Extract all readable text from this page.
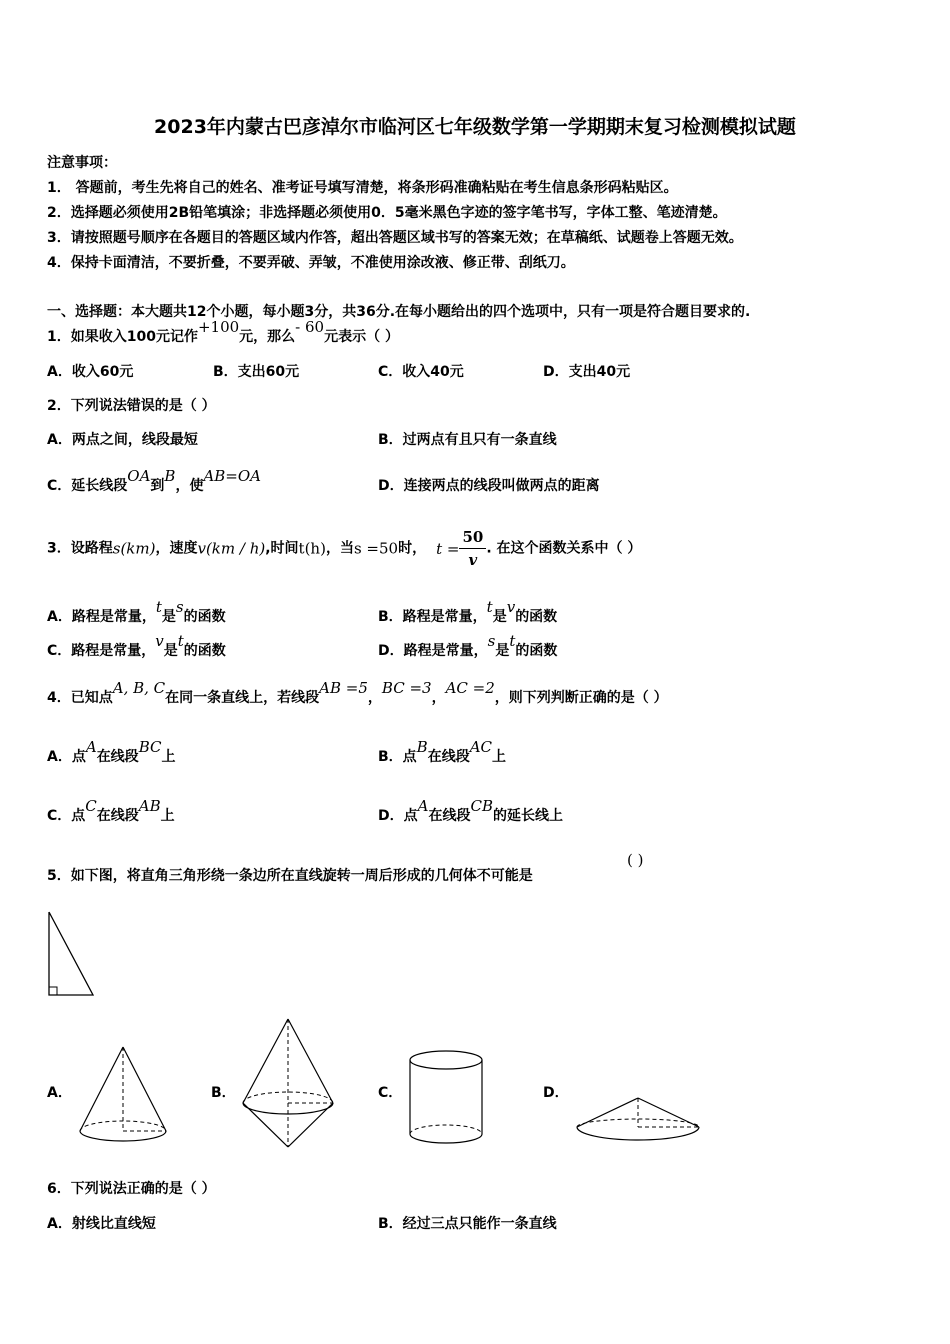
2023年内蒙古巴彦淖尔市临河区七年级数学第一学期期末复习检测模拟试题
注意事项：
1． 答题前，考生先将自己的姓名、准考证号填写清楚，将条形码准确粘贴在考生信息条形码粘贴区。
2．选择题必须使用2B铅笔填涂；非选择题必须使用0．5毫米黑色字迹的签字笔书写，字体工整、笔迹清楚。
3．请按照题号顺序在各题目的答题区域内作答，超出答题区域书写的答案无效；在草稿纸、试题卷上答题无效。
4．保持卡面清洁，不要折叠，不要弄破、弄皱，不准使用涂改液、修正带、刮纸刀。
一、选择题：本大题共12个小题，每小题3分，共36分.在每小题给出的四个选项中，只有一项是符合题目要求的.
1．如果收入100元记作+100元，那么- 60元表示（ ）
A．收入60元	B．支出60元	C．收入40元	D．支出40元
2．下列说法错误的是（ ）
A．两点之间，线段最短	B．过两点有且只有一条直线
C．延长线段OA到B，使AB=OA
D．连接两点的线段叫做两点的距离
3．设路程s(km)，速度v(km / h),时间t(h)，当s =50时， $t = \frac{50}{v}$ . 在这个函数关系中（ ）
A．路程是常量，t是s的函数	B．路程是常量，t是v的函数
C．路程是常量，v是t的函数	D．路程是常量，s是t的函数
4．已知点A, B, C在同一条直线上，若线段AB =5，BC =3，AC =2，则下列判断正确的是（ ）
A．点A在线段BC上	B．点B在线段AC上
C．点C在线段AB上	D．点A在线段CB的延长线上
5．如下图，将直角三角形绕一条边所在直线旋转一周后形成的几何体不可能是
( )
A．	B．	C．	D．
6．下列说法正确的是（ ）
A．射线比直线短	B．经过三点只能作一条直线
